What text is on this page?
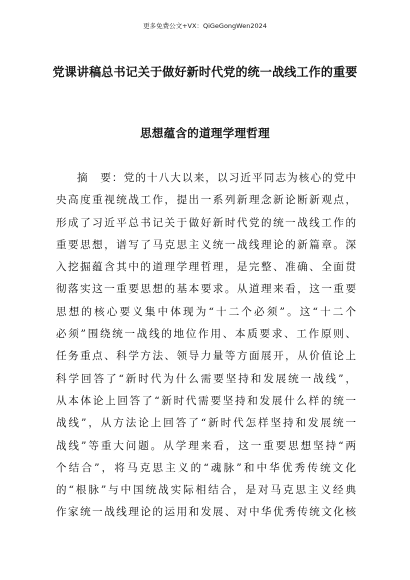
更多免费公文+VX：QiGeGongWen2024
党课讲稿总书记关于做好新时代党的统一战线工作的重要
思想蕴含的道理学理哲理
摘　要：党的十八大以来，以习近平同志为核心的党中
央高度重视统战工作，提出一系列新理念新论断新观点，
形成了习近平总书记关于做好新时代党的统一战线工作的
重要思想，谱写了马克思主义统一战线理论的新篇章。深
入挖掘蕴含其中的道理学理哲理，是完整、准确、全面贯
彻落实这一重要思想的基本要求。从道理来看，这一重要
思想的核心要义集中体现为“十二个必须”。这“十二个
必须”围绕统一战线的地位作用、本质要求、工作原则、
任务重点、科学方法、领导力量等方面展开，从价值论上
科学回答了“新时代为什么需要坚持和发展统一战线”，
从本体论上回答了“新时代需要坚持和发展什么样的统一
战线”，从方法论上回答了“新时代怎样坚持和发展统一
战线”等重大问题。从学理来看，这一重要思想坚持“两
个结合”，将马克思主义的“魂脉”和中华优秀传统文化
的“根脉”与中国统战实际相结合，是对马克思主义经典
作家统一战线理论的运用和发展、对中华优秀传统文化核
